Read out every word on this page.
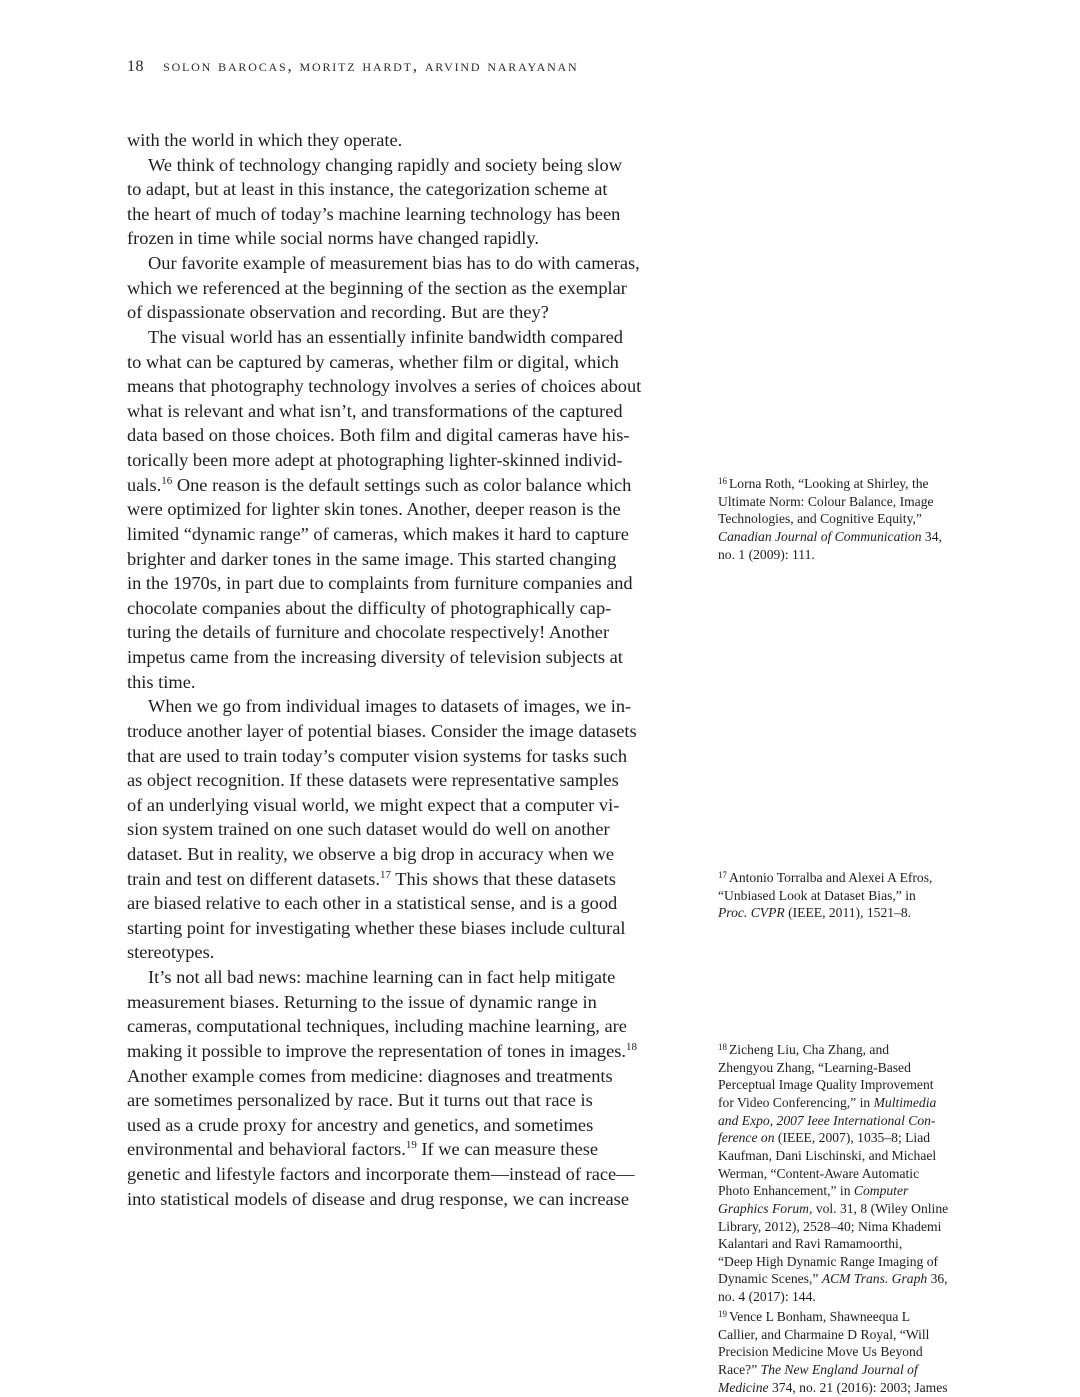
18 solon barocas, moritz hardt, arvind narayanan
with the world in which they operate.
We think of technology changing rapidly and society being slow
to adapt, but at least in this instance, the categorization scheme at
the heart of much of today’s machine learning technology has been
frozen in time while social norms have changed rapidly.
Our favorite example of measurement bias has to do with cameras,
which we referenced at the beginning of the section as the exemplar
of dispassionate observation and recording. But are they?
The visual world has an essentially infinite bandwidth compared
to what can be captured by cameras, whether film or digital, which
means that photography technology involves a series of choices about
what is relevant and what isn’t, and transformations of the captured
data based on those choices. Both film and digital cameras have his-
torically been more adept at photographing lighter-skinned individ-
uals.$^{16}$ One reason is the default settings such as color balance which
were optimized for lighter skin tones. Another, deeper reason is the
limited “dynamic range” of cameras, which makes it hard to capture
brighter and darker tones in the same image. This started changing
in the 1970s, in part due to complaints from furniture companies and
chocolate companies about the difficulty of photographically cap-
turing the details of furniture and chocolate respectively! Another
impetus came from the increasing diversity of television subjects at
this time.
When we go from individual images to datasets of images, we in-
troduce another layer of potential biases. Consider the image datasets
that are used to train today’s computer vision systems for tasks such
as object recognition. If these datasets were representative samples
of an underlying visual world, we might expect that a computer vi-
sion system trained on one such dataset would do well on another
dataset. But in reality, we observe a big drop in accuracy when we
train and test on different datasets.$^{17}$ This shows that these datasets
are biased relative to each other in a statistical sense, and is a good
starting point for investigating whether these biases include cultural
stereotypes.
It’s not all bad news: machine learning can in fact help mitigate
measurement biases. Returning to the issue of dynamic range in
cameras, computational techniques, including machine learning, are
making it possible to improve the representation of tones in images.$^{18}$
Another example comes from medicine: diagnoses and treatments
are sometimes personalized by race. But it turns out that race is
used as a crude proxy for ancestry and genetics, and sometimes
environmental and behavioral factors.$^{19}$ If we can measure these
genetic and lifestyle factors and incorporate them—instead of race—
into statistical models of disease and drug response, we can increase
$^{16}$ Lorna Roth, “Looking at Shirley, the
Ultimate Norm: Colour Balance, Image
Technologies, and Cognitive Equity,”
Canadian Journal of Communication 34,
no. 1 (2009): 111.
$^{17}$ Antonio Torralba and Alexei A Efros,
“Unbiased Look at Dataset Bias,” in
Proc. CVPR (IEEE, 2011), 1521–8.
$^{18}$ Zicheng Liu, Cha Zhang, and
Zhengyou Zhang, “Learning-Based
Perceptual Image Quality Improvement
for Video Conferencing,” in Multimedia
and Expo, 2007 Ieee International Con-
ference on (IEEE, 2007), 1035–8; Liad
Kaufman, Dani Lischinski, and Michael
Werman, “Content-Aware Automatic
Photo Enhancement,” in Computer
Graphics Forum, vol. 31, 8 (Wiley Online
Library, 2012), 2528–40; Nima Khademi
Kalantari and Ravi Ramamoorthi,
“Deep High Dynamic Range Imaging of
Dynamic Scenes,” ACM Trans. Graph 36,
no. 4 (2017): 144.
$^{19}$ Vence L Bonham, Shawneequa L
Callier, and Charmaine D Royal, “Will
Precision Medicine Move Us Beyond
Race?” The New England Journal of
Medicine 374, no. 21 (2016): 2003; James
